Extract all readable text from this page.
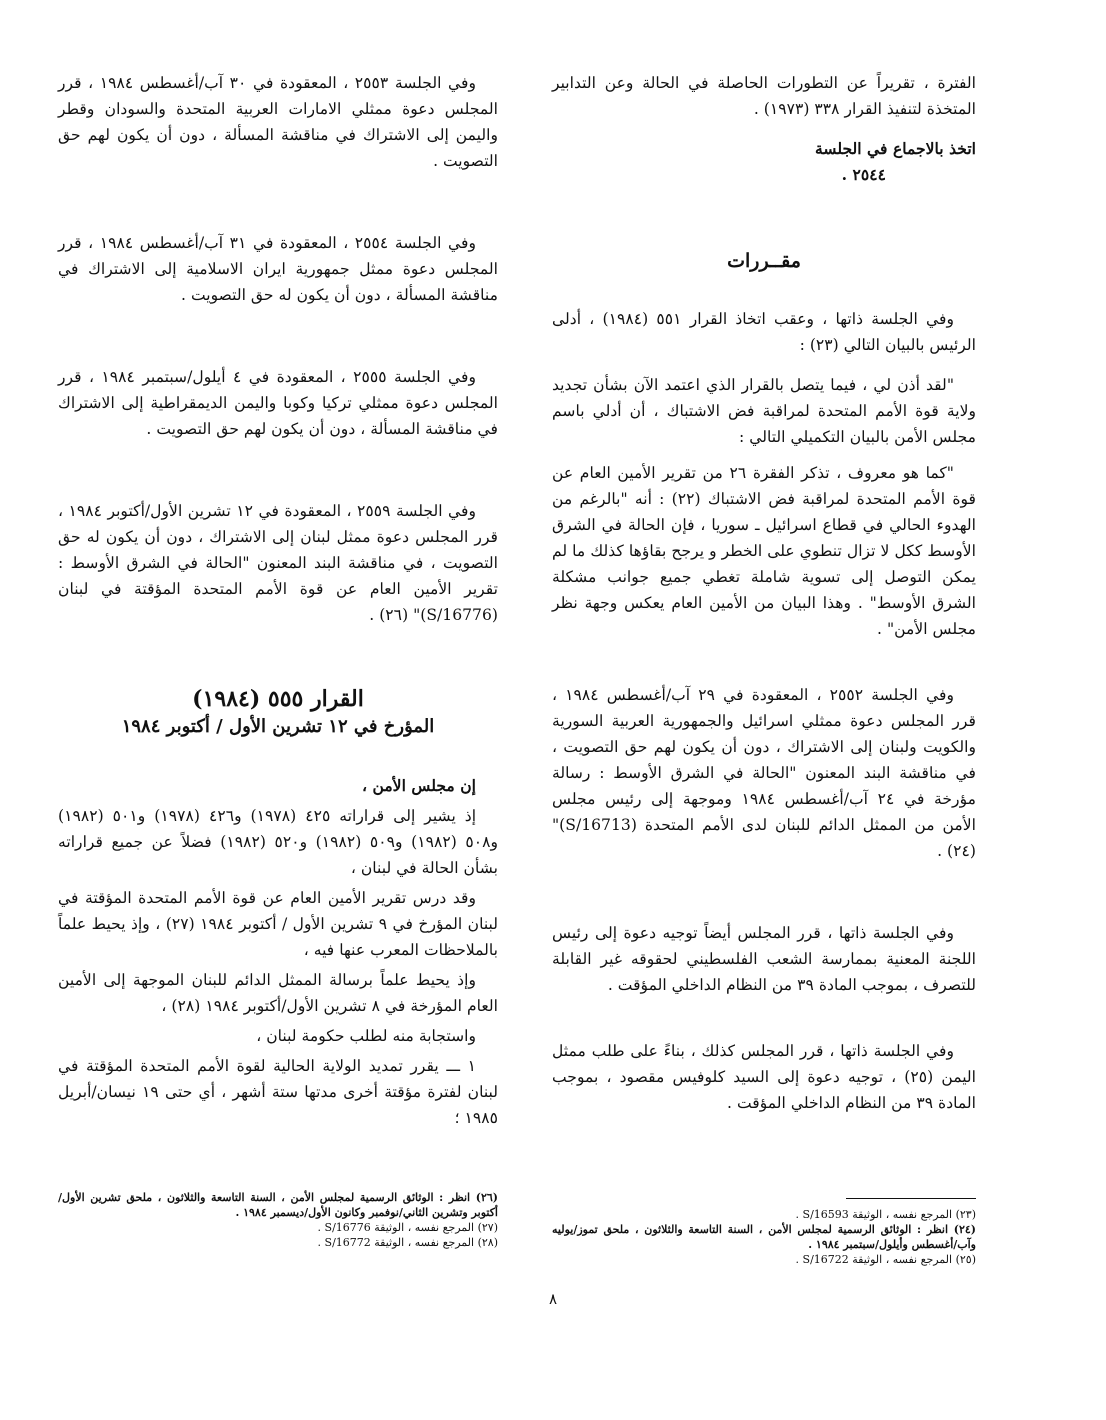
الفترة ، تقريراً عن التطورات الحاصلة في الحالة وعن التدابير المتخذة لتنفيذ القرار ٣٣٨ (١٩٧٣) .

اتخذ بالاجماع في الجلسة
٢٥٤٤ .
مقــررات

وفي الجلسة ذاتها ، وعقب اتخاذ القرار ٥٥١ (١٩٨٤) ، أدلى الرئيس بالبيان التالي (٢٣) :

"لقد أذن لي ، فيما يتصل بالقرار الذي اعتمد الآن بشأن تجديد ولاية قوة الأمم المتحدة لمراقبة فض الاشتباك ، أن أدلي باسم مجلس الأمن بالبيان التكميلي التالي :

"كما هو معروف ، تذكر الفقرة ٢٦ من تقرير الأمين العام عن قوة الأمم المتحدة لمراقبة فض الاشتباك (٢٢) : أنه "بالرغم من الهدوء الحالي في قطاع اسرائيل ـ سوريا ، فإن الحالة في الشرق الأوسط ككل لا تزال تنطوي على الخطر و يرجح بقاؤها كذلك ما لم يمكن التوصل إلى تسوية شاملة تغطي جميع جوانب مشكلة الشرق الأوسط" . وهذا البيان من الأمين العام يعكس وجهة نظر مجلس الأمن" .

وفي الجلسة ٢٥٥٢ ، المعقودة في ٢٩ آب/أغسطس ١٩٨٤ ، قرر المجلس دعوة ممثلي اسرائيل والجمهورية العربية السورية والكويت ولبنان إلى الاشتراك ، دون أن يكون لهم حق التصويت ، في مناقشة البند المعنون "الحالة في الشرق الأوسط : رسالة مؤرخة في ٢٤ آب/أغسطس ١٩٨٤ وموجهة إلى رئيس مجلس الأمن من الممثل الدائم للبنان لدى الأمم المتحدة (S/16713)" (٢٤) .

وفي الجلسة ذاتها ، قرر المجلس أيضاً توجيه دعوة إلى رئيس اللجنة المعنية بممارسة الشعب الفلسطيني لحقوقه غير القابلة للتصرف ، بموجب المادة ٣٩ من النظام الداخلي المؤقت .

وفي الجلسة ذاتها ، قرر المجلس كذلك ، بناءً على طلب ممثل اليمن (٢٥) ، توجيه دعوة إلى السيد كلوفيس مقصود ، بموجب المادة ٣٩ من النظام الداخلي المؤقت .

وفي الجلسة ٢٥٥٣ ، المعقودة في ٣٠ آب/أغسطس ١٩٨٤ ، قرر المجلس دعوة ممثلي الامارات العربية المتحدة والسودان وقطر واليمن إلى الاشتراك في مناقشة المسألة ، دون أن يكون لهم حق التصويت .

وفي الجلسة ٢٥٥٤ ، المعقودة في ٣١ آب/أغسطس ١٩٨٤ ، قرر المجلس دعوة ممثل جمهورية ايران الاسلامية إلى الاشتراك في مناقشة المسألة ، دون أن يكون له حق التصويت .

وفي الجلسة ٢٥٥٥ ، المعقودة في ٤ أيلول/سبتمبر ١٩٨٤ ، قرر المجلس دعوة ممثلي تركيا وكوبا واليمن الديمقراطية إلى الاشتراك في مناقشة المسألة ، دون أن يكون لهم حق التصويت .

وفي الجلسة ٢٥٥٩ ، المعقودة في ١٢ تشرين الأول/أكتوبر ١٩٨٤ ، قرر المجلس دعوة ممثل لبنان إلى الاشتراك ، دون أن يكون له حق التصويت ، في مناقشة البند المعنون "الحالة في الشرق الأوسط : تقرير الأمين العام عن قوة الأمم المتحدة المؤقتة في لبنان (S/16776)" (٢٦) .

القرار ٥٥٥ (١٩٨٤)
المؤرخ في ١٢ تشرين الأول / أكتوبر ١٩٨٤

إن مجلس الأمن ،

إذ يشير إلى قراراته ٤٢٥ (١٩٧٨) و٤٢٦ (١٩٧٨) و٥٠١ (١٩٨٢) و٥٠٨ (١٩٨٢) و٥٠٩ (١٩٨٢) و٥٢٠ (١٩٨٢) فضلاً عن جميع قراراته بشأن الحالة في لبنان ،

وقد درس تقرير الأمين العام عن قوة الأمم المتحدة المؤقتة في لبنان المؤرخ في ٩ تشرين الأول / أكتوبر ١٩٨٤ (٢٧) ، وإذ يحيط علماً بالملاحظات المعرب عنها فيه ،

وإذ يحيط علماً برسالة الممثل الدائم للبنان الموجهة إلى الأمين العام المؤرخة في ٨ تشرين الأول/أكتوبر ١٩٨٤ (٢٨) ،

واستجابة منه لطلب حكومة لبنان ،

١ ـــ يقرر تمديد الولاية الحالية لقوة الأمم المتحدة المؤقتة في لبنان لفترة مؤقتة أخرى مدتها ستة أشهر ، أي حتى ١٩ نيسان/أبريل ١٩٨٥ ؛

(٢٣) المرجع نفسه ، الوثيقة S/16593 .

(٢٤) انظر : الوثائق الرسمية لمجلس الأمن ، السنة التاسعة والثلاثون ، ملحق تموز/يوليه وآب/أغسطس وأيلول/سبتمبر ١٩٨٤ .

(٢٥) المرجع نفسه ، الوثيقة S/16722 .

(٢٦) انظر : الوثائق الرسمية لمجلس الأمن ، السنة التاسعة والثلاثون ، ملحق تشرين الأول/أكتوبر وتشرين الثاني/نوفمبر وكانون الأول/ديسمبر ١٩٨٤ .

(٢٧) المرجع نفسه ، الوثيقة S/16776 .

(٢٨) المرجع نفسه ، الوثيقة S/16772 .

٨
